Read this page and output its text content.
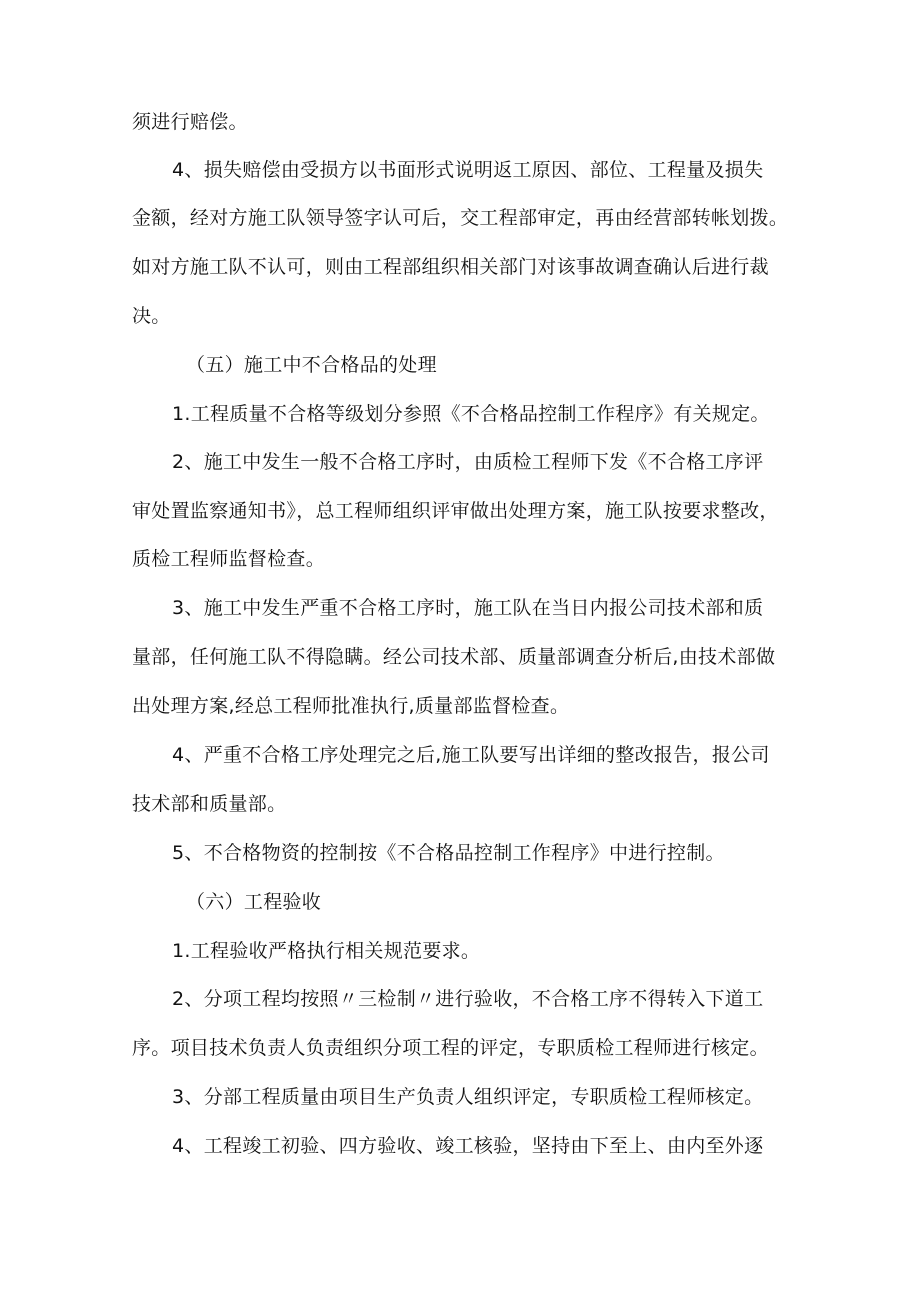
须进行赔偿。
4、损失赔偿由受损方以书面形式说明返工原因、部位、工程量及损失
金额，经对方施工队领导签字认可后，交工程部审定，再由经营部转帐划拨。
如对方施工队不认可，则由工程部组织相关部门对该事故调查确认后进行裁
决。
（五）施工中不合格品的处理
1.工程质量不合格等级划分参照《不合格品控制工作程序》有关规定。
2、施工中发生一般不合格工序时，由质检工程师下发《不合格工序评
审处置监察通知书》，总工程师组织评审做出处理方案，施工队按要求整改，
质检工程师监督检查。
3、施工中发生严重不合格工序时，施工队在当日内报公司技术部和质
量部，任何施工队不得隐瞒。经公司技术部、质量部调查分析后,由技术部做
出处理方案,经总工程师批准执行,质量部监督检查。
4、严重不合格工序处理完之后,施工队要写出详细的整改报告，报公司
技术部和质量部。
5、不合格物资的控制按《不合格品控制工作程序》中进行控制。
（六）工程验收
1.工程验收严格执行相关规范要求。
2、分项工程均按照〃三检制〃进行验收，不合格工序不得转入下道工
序。项目技术负责人负责组织分项工程的评定，专职质检工程师进行核定。
3、分部工程质量由项目生产负责人组织评定，专职质检工程师核定。
4、工程竣工初验、四方验收、竣工核验，坚持由下至上、由内至外逐
